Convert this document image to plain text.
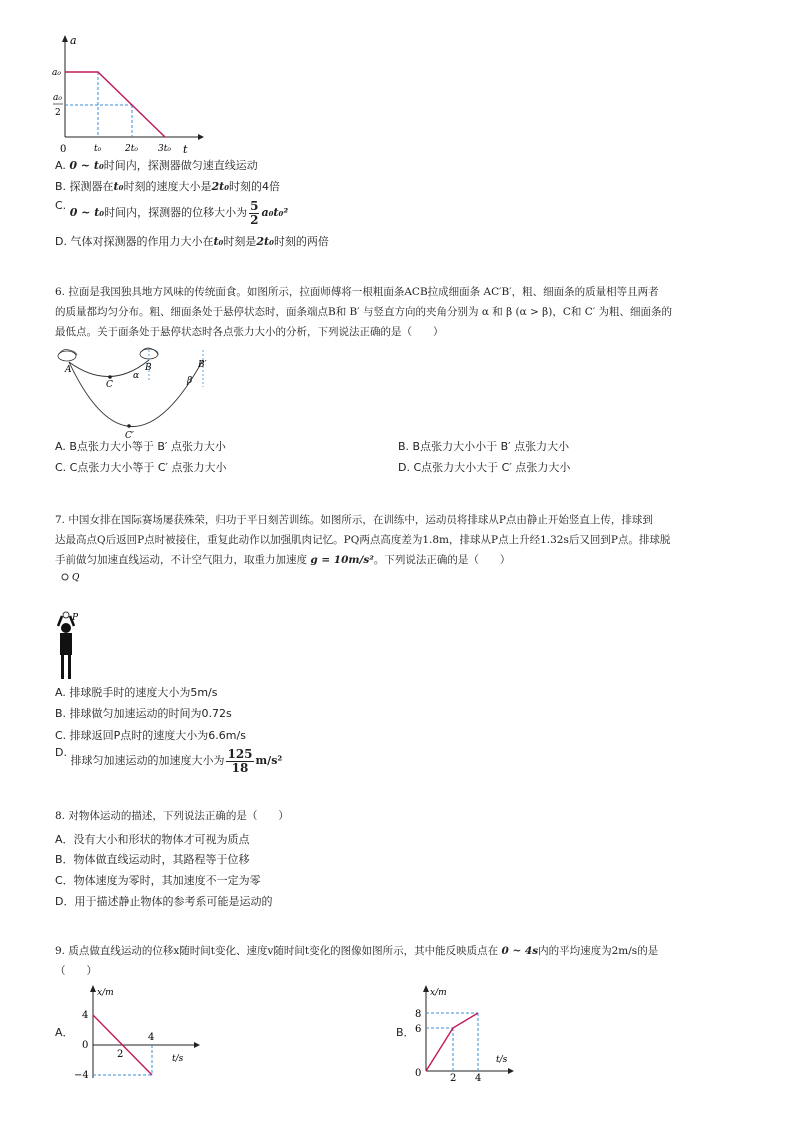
a
t
0
a₀
a₀
2
t₀	2t₀ 3t₀
A. 0 ~ t₀时间内，探测器做匀速直线运动
B. 探测器在t₀时刻的速度大小是2t₀时刻的4倍
C. 0 ~ t₀时间内，探测器的位移大小为 $\frac{5}{2} a_0t_0^2$
D. 气体对探测器的作用力大小在t₀时刻是2t₀时刻的两倍
6. 拉面是我国独具地方风味的传统面食。如图所示，拉面师傅将一根粗面条ACB拉成细面条 AC′B′，粗、细面条的质量相等且两者
的质量都均匀分布。粗、细面条处于悬停状态时，面条端点B和 B′ 与竖直方向的夹角分别为 α 和 β (α > β)，C和 C′ 为粗、细面条的
最低点。关于面条处于悬停状态时各点张力大小的分析，下列说法正确的是（　　）
A
C
α
B	B′
β
C′
A. B点张力大小等于 B′ 点张力大小	B. B点张力大小小于 B′ 点张力大小
C. C点张力大小等于 C′ 点张力大小	D. C点张力大小大于 C′ 点张力大小
7. 中国女排在国际赛场屡获殊荣，归功于平日刻苦训练。如图所示，在训练中，运动员将排球从P点由静止开始竖直上传，排球到
达最高点Q后返回P点时被接住，重复此动作以加强肌肉记忆。PQ两点高度差为1.8m，排球从P点上升经1.32s后又回到P点。排球脱
手前做匀加速直线运动，不计空气阻力，取重力加速度 g = 10m/s²。下列说法正确的是（　　）
Q
P
A. 排球脱手时的速度大小为5m/s
B. 排球做匀加速运动的时间为0.72s
C. 排球返回P点时的速度大小为6.6m/s
D. 排球匀加速运动的加速度大小为 $\frac{125}{18} m/s^2$
8. 对物体运动的描述，下列说法正确的是（　　）
A．没有大小和形状的物体才可视为质点
B．物体做直线运动时，其路程等于位移
C．物体速度为零时，其加速度不一定为零
D．用于描述静止物体的参考系可能是运动的
9. 质点做直线运动的位移x随时间t变化、速度v随时间t变化的图像如图所示，其中能反映质点在 0 ~ 4s内的平均速度为2m/s的是
（　　）
A．
x/m
t/s
4
0
2
4
−4
B．
x/m
t/s
8
6
0	2 4
